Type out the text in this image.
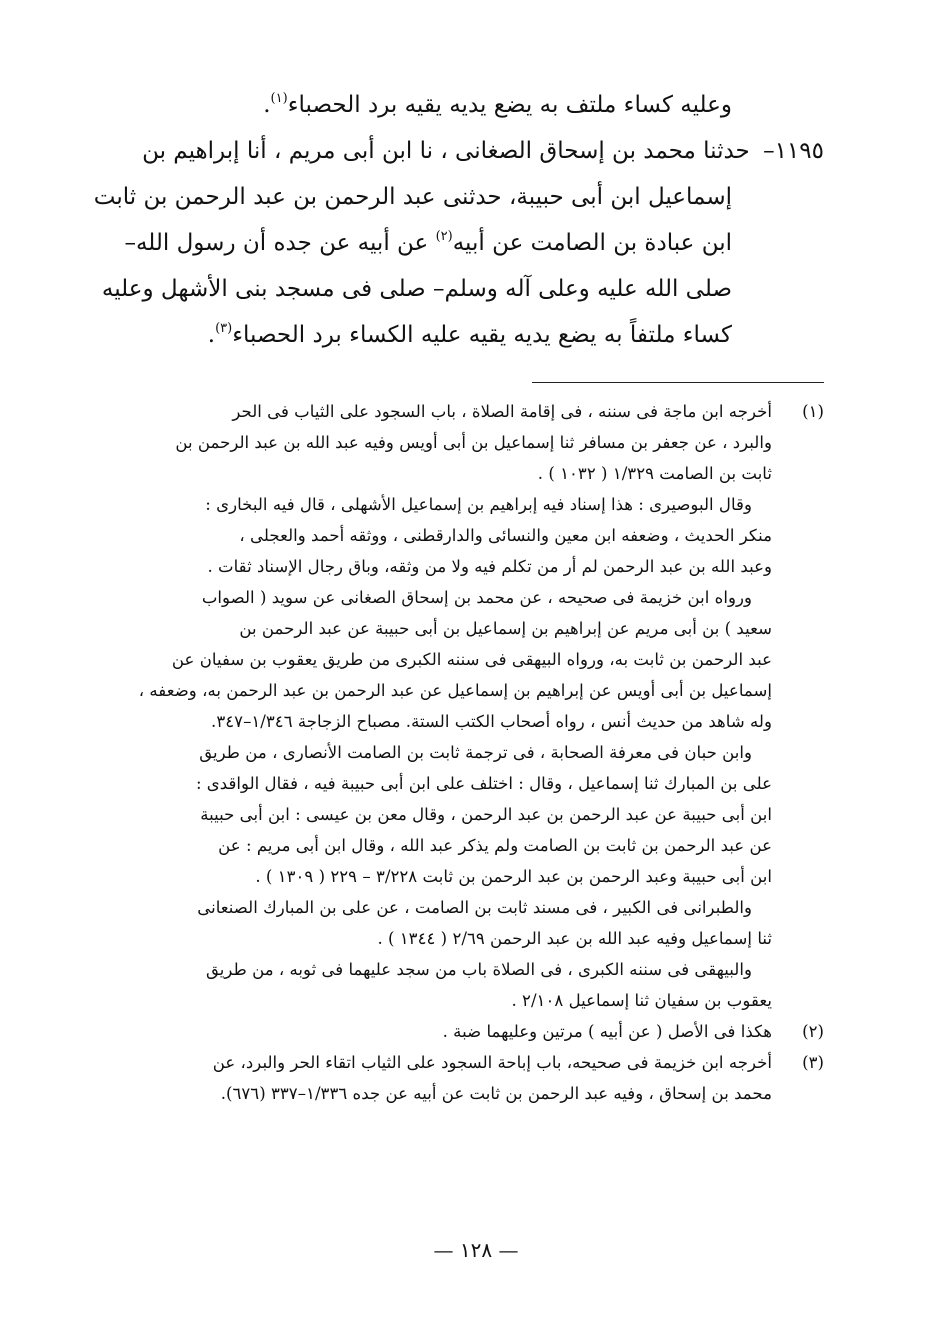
وعليه كساء ملتف به يضع يديه يقيه برد الحصباء$^{(١)}$.
١١٩٥– حدثنا محمد بن إسحاق الصغانى ، نا ابن أبى مريم ، أنا إبراهيم بن
إسماعيل ابن أبى حبيبة، حدثنى عبد الرحمن بن عبد الرحمن بن ثابت
ابن عبادة بن الصامت عن أبيه$^{(٢)}$ عن أبيه عن جده أن رسول الله–
صلى الله عليه وعلى آله وسلم– صلى فى مسجد بنى الأشهل وعليه
كساء ملتفاً به يضع يديه يقيه عليه الكساء برد الحصباء$^{(٣)}$.
(١)
أخرجه ابن ماجة فى سننه ، فى إقامة الصلاة ، باب السجود على الثياب فى الحر
والبرد ، عن جعفر بن مسافر ثنا إسماعيل بن أبى أويس وفيه عبد الله بن عبد الرحمن بن
ثابت بن الصامت ١/٣٢٩ ( ١٠٣٢ ) .
وقال البوصيرى : هذا إسناد فيه إبراهيم بن إسماعيل الأشهلى ، قال فيه البخارى :
منكر الحديث ، وضعفه ابن معين والنسائى والدارقطنى ، ووثقه أحمد والعجلى ،
وعبد الله بن عبد الرحمن لم أر من تكلم فيه ولا من وثقه، وباق رجال الإسناد ثقات .
ورواه ابن خزيمة فى صحيحه ، عن محمد بن إسحاق الصغانى عن سويد ( الصواب
سعيد ) بن أبى مريم عن إبراهيم بن إسماعيل بن أبى حبيبة عن عبد الرحمن بن
عبد الرحمن بن ثابت به، ورواه البيهقى فى سننه الكبرى من طريق يعقوب بن سفيان عن
إسماعيل بن أبى أويس عن إبراهيم بن إسماعيل عن عبد الرحمن بن عبد الرحمن به، وضعفه ،
وله شاهد من حديث أنس ، رواه أصحاب الكتب الستة. مصباح الزجاجة ١/٣٤٦–٣٤٧.
وابن حبان فى معرفة الصحابة ، فى ترجمة ثابت بن الصامت الأنصارى ، من طريق
على بن المبارك ثنا إسماعيل ، وقال : اختلف على ابن أبى حبيبة فيه ، فقال الواقدى :
ابن أبى حبيبة عن عبد الرحمن بن عبد الرحمن ، وقال معن بن عيسى : ابن أبى حبيبة
عن عبد الرحمن بن ثابت بن الصامت ولم يذكر عبد الله ، وقال ابن أبى مريم : عن
ابن أبى حبيبة وعبد الرحمن بن عبد الرحمن بن ثابت ٣/٢٢٨ – ٢٢٩ ( ١٣٠٩ ) .
والطبرانى فى الكبير ، فى مسند ثابت بن الصامت ، عن على بن المبارك الصنعانى
ثنا إسماعيل وفيه عبد الله بن عبد الرحمن ٢/٦٩ ( ١٣٤٤ ) .
والبيهقى فى سننه الكبرى ، فى الصلاة باب من سجد عليهما فى ثوبه ، من طريق
يعقوب بن سفيان ثنا إسماعيل ٢/١٠٨ .
(٢)
هكذا فى الأصل ( عن أبيه ) مرتين وعليهما ضبة .
(٣)
أخرجه ابن خزيمة فى صحيحه، باب إباحة السجود على الثياب اتقاء الحر والبرد، عن
محمد بن إسحاق ، وفيه عبد الرحمن بن ثابت عن أبيه عن جده ١/٣٣٦–٣٣٧ (٦٧٦).
— ١٢٨ —
